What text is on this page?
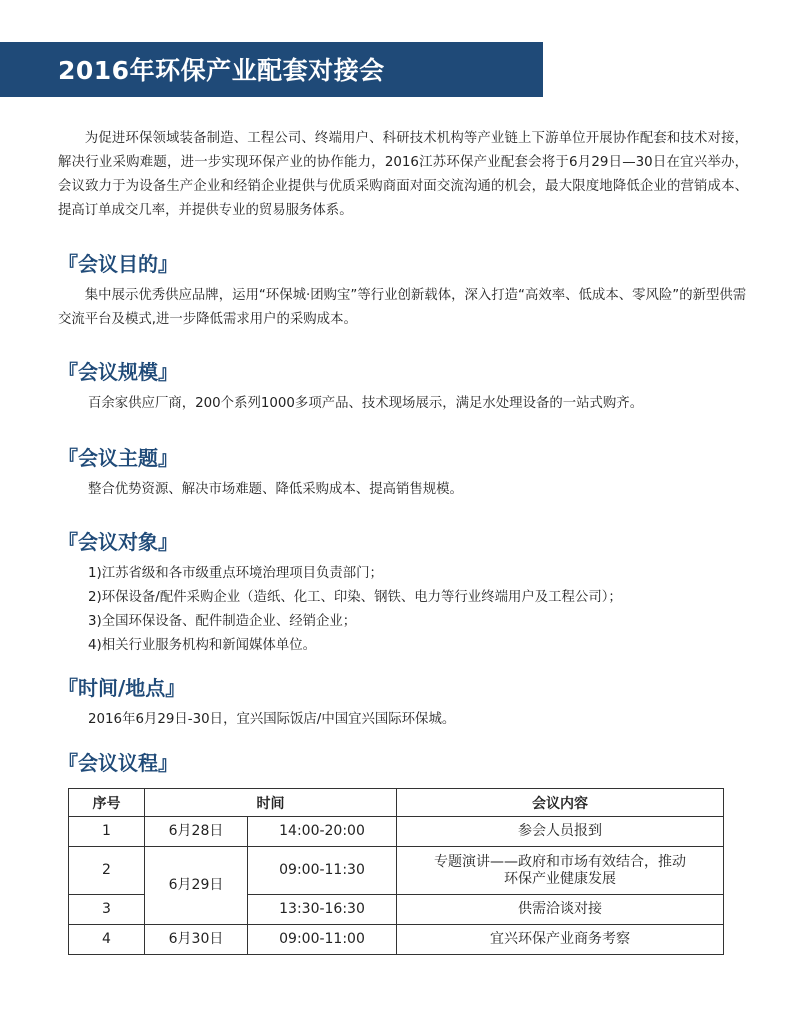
2016年环保产业配套对接会
为促进环保领域装备制造、工程公司、终端用户、科研技术机构等产业链上下游单位开展协作配套和技术对接，解决行业采购难题，进一步实现环保产业的协作能力，2016江苏环保产业配套会将于6月29日—30日在宜兴举办，会议致力于为设备生产企业和经销企业提供与优质采购商面对面交流沟通的机会，最大限度地降低企业的营销成本、提高订单成交几率，并提供专业的贸易服务体系。
『会议目的』
集中展示优秀供应品牌，运用“环保城·团购宝”等行业创新载体，深入打造“高效率、低成本、零风险”的新型供需交流平台及模式,进一步降低需求用户的采购成本。
『会议规模』
百余家供应厂商，200个系列1000多项产品、技术现场展示，满足水处理设备的一站式购齐。
『会议主题』
整合优势资源、解决市场难题、降低采购成本、提高销售规模。
『会议对象』
1)江苏省级和各市级重点环境治理项目负责部门；
2)环保设备/配件采购企业（造纸、化工、印染、钢铁、电力等行业终端用户及工程公司）；
3)全国环保设备、配件制造企业、经销企业；
4)相关行业服务机构和新闻媒体单位。
『时间/地点』
2016年6月29日-30日，宜兴国际饭店/中国宜兴国际环保城。
『会议议程』
序号	时间		会议内容
1	6月28日	14:00-20:00	参会人员报到
2	6月29日	09:00-11:30	专题演讲——政府和市场有效结合，推动
环保产业健康发展

3		13:30-16:30	供需洽谈对接
4	6月30日	09:00-11:00	宜兴环保产业商务考察
